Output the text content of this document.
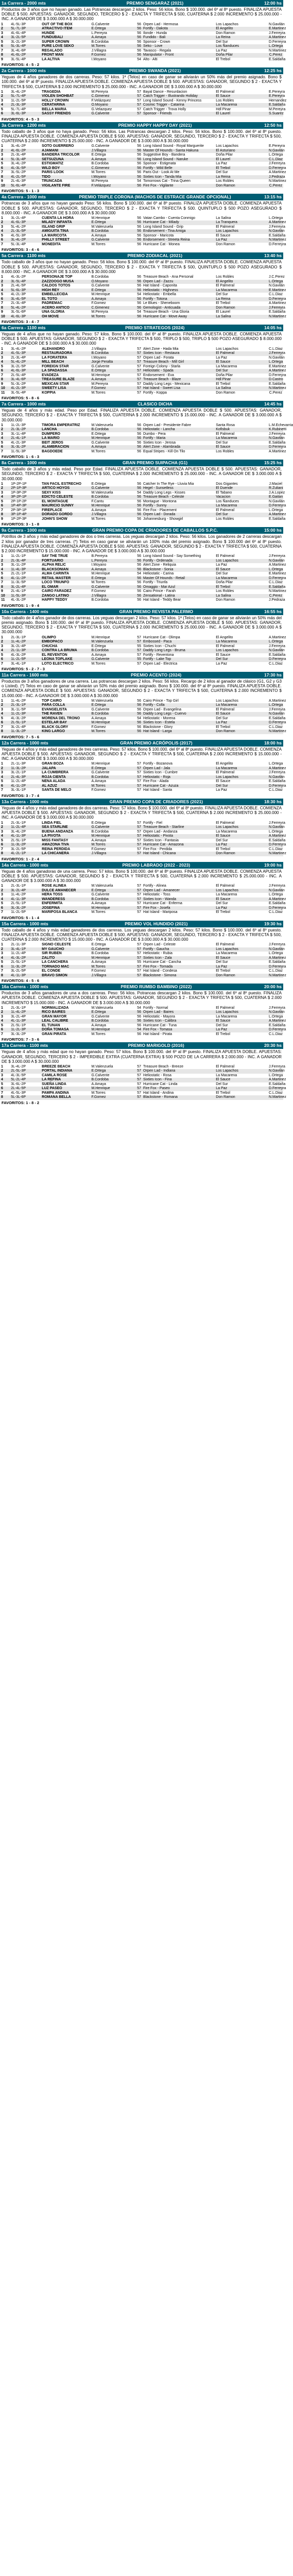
1a Carrera - 2000 mts	PREMIO SENGARAZ (2021)	12:00 hs
Productos de 3 años que no hayan ganado. Las Potrancas descargan 2 kilos. Peso: 56 kilos. Bono $ 100.000. del 6º al 8º puesto. FINALIZA APUESTA DOBLE $ 500. APUESTAS: GANADOR, SEGUNDO, TERCERO $ 2 - EXACTA Y TRIFECTA $ 500, CUATERNA $ 2.000 INCREMENTO $ 25.000.000 - INC. A GANADOR DE $ 3.000.000 A $ 30.000.000
1	4L-5L-3P	OUT OF THE BOX	G.Calvente	56	Orpen Lad - Hermosa	Los Lapachos	N.Gavilán
2	5L-7L-3P	ATRACTIVO ITEM	E.Ortega	56	Fortify - Dakota	El Angelito	E.Martinez
3	4L-6L-4P	HUNDE	L.Pereyra	56	Ilonde - Hunda	Don Ramon	J.Ferreyra
4	3L-2L-5P	FUNDUBALI	A.Amaya	56	Fundido - Bali	La Reina	A.Martinez
5	3L-2L-3P	SUPER CROWN	B.Cordoba	56	Sponsor - Crown	Del Sur	D.Ferreyra
6	5L-3L-4P	PURE LOVE SEKO	M.Torres	56	Seko - Love	Los Ñanduces	L.Ortega
7	3L-4L-6P	REGALADO	J.Villagra	56	Tavasco - Regala	La Paz	N.Martinez
8	4L-6L-2P	FRONT MAN	F.Gomez	56	Manipulator - Front	Doña Pilar	C.Perez
9	3L-5L-4P	LA ALTIVA	I.Moyano	54	Alto - Alti	El Trebol	E.Saldaña
FAVORITOS: 4 - 5 - 2
2a Carrera - 1000 mts	PREMIO SWANDA (2021)	12:25 hs
Yeguas de 4 años ganadores de dos carreras. Peso: 57 kilos. 1ª (Telos) en caso de ganar se aliviarán un 50% más del premio asignado. Bono $ 100.000. del 6º al 8º puesto. FINALIZA APUESTA DOBLE. COMIENZA APUESTA DOBLE $ 500. APUESTAS: GANADOR, SEGUNDO $ 2 - EXACTA Y TRIFECTA $ 500, CUATERNA $ 2.000 INCREMENTO $ 25.000.000 - INC. A GANADOR DE $ 3.000.000 A $ 30.000.000
1	3L-4L-2P	TRAGEDIA	M.Pereyra	57	Bayal Dance - Resurdacion	El Palmeral	E.Pereyra
2	5L-7L-4P	VIOLEN SHOHBAT	C.Gimenez	57	Catch Trigger - Illustrando Holiday	El Sauce	E.Pereyra
3	1L-2L-5P	HOLLY CROWN	F.Velázquez	57	Long Island Sound - Kenny Princess	Los Robles	Hernandez
4	2L-3L-3P	CERATARINA	O.Moyano	57	Cosmic Trigger - Catarina	La Macarena	E.Saldaña
5	5L-7L-4P	BELLA MARIA	G.Velazquez	57	Catch Trigger - Trova Holly	Hdl Pinar	M.Pereyra
6	3L-6L-3P	SASSY FRIENDS	G.Calvente	57	Sponsor - Friends	El Laurel	S.Suarez
FAVORITOS: 4 - 5 - 3
3a Carrera - 1200 mts	PREMIO HAPPY HAPPY DAY (2021)	12:50 hs
Todo caballo de 3 años que no haya ganado. Peso: 56 kilos. Las Potrancas descargan 2 kilos. Peso: 56 kilos. Bono $ 100.000. del 6º al 8º puesto. FINALIZA APUESTA DOBLE. COMIENZA APUESTA DOBLE $ 500. APUESTAS: GANADOR, SEGUNDO, TERCERO $ 2 - EXACTA Y TRIFECTA $ 500, CUATERNA $ 2.000 INCREMENTO $ 25.000.000 - INC. A GANADOR DE $ 3.000.000 A $ 30.000.000
1	3L-4L-2P	SOTO GUERRERO	G.Calvente	56	Long Island Sound - Royal Marguerite	Los Lapachos	E.Pereyra
2	4L-6L-2P	AJAMANI	J.Villagra	56	Master Of Hounds - Santa Hakuna	El Asturiano	N.Gavilán
3	2L-3L-4P	BANDERA TRICOLOR	E.Ortega	56	Suggestive Boy - Bandera	Doña Pilar	L.Ortega
4	5L-3L-4P	SETSUZUNA	A.Amaya	56	Long Island Sound - Naruke	El Laurel	C.L.Diaz
5	3L-4L-2P	ESTIGMATIZ	B.Cordoba	56	Sponsor - Estigmata	La Paz	J.Ferreyra
6	4L-3L-5P	WILD BOY	C.Gimenez	56	Fortify - Wild Belle	El Trebol	D.Ferreyra
7	3L-5L-2P	PARIS LOOK	M.Torres	56	Paris Out - Look At Me	Del Sur	A.Martinez
8	4L-2L-5P	TIDO	I.Moyano	56	Sixties Icon - Tanda Mia	La Reina	J.Pedraza
9	2L-4L-3P	TRUNCADA	M.Pereyra	54	Tomorrows Cat - Trina Queen	Los Robles	N.Martinez
10	5L-6L-4P	VIGILANTE FIRE	F.Velázquez	56	Fire Fox - Vigilante	Don Ramon	C.Perez
FAVORITOS: 5 - 1 - 3
4a Carrera - 1000 mts	PREMIO TRIPLE CORONA (MACHOS DE ESTRACE GRANDE OPCIONAL)	13:15 hs
Potrancas de 3 años que no hayan ganado Peso: 56 kilos. Bono $ 100.000. del 6º al 8º puesto. FINALIZA APUESTA DOBLE. COMIENZA APUESTA DOBLE $ 500. APUESTAS: GANADOR, SEGUNDO, TERCERO $ 2 - EXACTA Y TRIFECTA $ 500. QUINTUPLO $ 500 POZO ASEGURADO $ 8.000.000 - INC. A GANADOR DE $ 3.000.000 A $ 30.000.000
1	3L-2L-4P	CUENTA LA HORA	M.Henrique	56	Vatan Cambo - Cuenta Conmigo	La Salina	L.Ortega
2	4L-6L-3P	MILADY INFANTA	E.Ortega	56	Hurricane Cat - Milady	La Tranquera	A.Martinez
3	5L-4L-2P	ISLAND GRIP	M.Valenzuela	56	Long Island Sound - Grip	El Palmeral	J.Ferreyra
4	2L-3L-5P	AMIGUITA TINA	B.Cordoba	56	Endorsement - Tina Amiga	Los Lapachos	N.Gavilán
5	4L-5L-3P	LA MARICOTA	A.Amaya	56	Sponsor - Maricota	El Sauce	E.Saldaña
6	3L-4L-2P	PHILLY STREET	G.Calvente	56	Endorsement - Streeta Reina	La Paz	N.Martinez
7	5L-3L-4P	MONEDITA	M.Torres	56	Hurricane Cat - Monea	Don Ramon	D.Ferreyra
FAVORITOS: 3 - 4 - 6
5a Carrera - 1100 mts	PREMIO ZODIACAL (2021)	13:40 hs
Todo caballo de 3 años que no hayan ganado. Peso: 56 kilos. Bono $ 100.000. del 6º al 8º puesto. FINALIZA APUESTA DOBLE. COMIENZA APUESTA DOBLE $ 500. APUESTAS: GANADOR, SEGUNDO, TERCERO $ 2 - EXACTA Y TRIFECTA $ 500, QUINTUPLO $ 500 POZO ASEGURADO $ 8.000.000 - INC. A GANADOR DE $ 3.000.000 A $ 30.000.000
1	4L-3L-2P	PERSONAJE TOP	B.Cordoba	56	Treasure Beach - Ana Personal	Los Robles	J.C.Perez
2	3L-5L-4P	ZAZZOOGO MUSA	O.Moyano	56	Orpen Lad - Zazzu	El Angelito	L.Ortega
3	2L-4L-5P	CALDOS TOTOS	G.Calvente	56	Hat Island - Caponita	El Palmeral	N.Gavilán
4	5L-6L-3P	HIGH REY	E.Ortega	56	Heliostatic - Highness	La Macarena	E.Martinez
5	4L-2L-3P	EMBELLECIDA	M.Henrique	54	Heliostatic - Embella	Del Sur	C.L.Diaz
6	3L-4L-5P	EL TOTO	A.Amaya	56	Fortify - Totona	La Reina	D.Ferreyra
7	2L-3L-4P	PADREMAC	F.Gomez	56	Le Blues - Sheneboom	El Trebol	A.Martinez
8	5L-4L-2P	ACERO ANTICO	C.Gimenez	56	Gemologist - Anticuada	Don Ramon	J.Ferreyra
9	3L-5L-6P	UNA GLORIA	M.Pereyra	54	Treasure Beach - Una Gloria	El Laurel	E.Saldaña
10	4L-6L-3P	OH MOVE	M.Torres	56	Hurricane Cat - Move Away	La Salina	N.Martinez
FAVORITOS: 3 - 4 - 7
6a Carrera - 1100 mts	PREMIO STRATEGOS (2024)	14:05 hs
Yeguas de 4 años que no hayan ganado. Peso: 57 kilos. Bono $ 100.000. del 6º al 8º puesto. FINALIZA APUESTA DOBLE. COMIENZA APUESTA DOBLE $ 500. APUESTAS: GANADOR, SEGUNDO $ 2 - EXACTA Y TRIFECTA $ 500, TRIPLO $ 500, TRIPLO $ 500 POZO ASEGURADO $ 8.000.000 - INC. A GANADOR DE $ 3.000.000 A $ 30.000.000
1	3L-4L-2P	ALEHANDRO	J.Villagra	57	Alert Zone - Hada Mia	Los Lapachos	C.L.Diaz
2	4L-5L-3P	RESTAURADORA	B.Cordoba	57	Sixties Icon - Restaura	El Palmeral	J.Ferreyra
3	2L-3L-4P	LA FORATERA	I.Moyano	57	Orpen Lad - Forata	La Paz	N.Gavilán
4	5L-4L-2P	MILL BEACH	Jorge Peralta	57	Treasure Beach - Mill Girl	El Sauce	L.Ortega
5	3L-2L-5P	FOREIGN STAR	G.Calvente	57	Foreign Colony - Starla	La Macarena	E.Martinez
6	4L-6L-3P	LA SPADASSA	E.Ortega	57	Heliostatic - Spada	Del Sur	A.Martinez
7	2L-5L-4P	EVADEZA	M.Henrique	57	Endorsement - Eva	Doña Pilar	D.Ferreyra
8	3L-4L-6P	TREASURE BLAZE	A.Amaya	57	Treasure Beach - Blaze	Hdl Pinar	D.Castro
9	5L-3L-2P	MEXICAN STAR	M.Pereyra	57	Daddy Long Legs - Mexicana	El Trebol	E.Saldaña
10	4L-2L-3P	SWEETY LISA	F.Gomez	57	Hat Island - Sweet Lisa	La Salina	N.Martinez
11	3L-5L-4P	KOPPIA	M.Torres	57	Fortify - Koppa	Don Ramon	C.Perez
FAVORITOS: 5 - 8 - 6
7a Carrera - 1000 mts	CLASICO DICHA	14:45 hs
Yeguas de 4 años y más edad. Peso por Edad. FINALIZA APUESTA DOBLE. COMIENZA APUESTA DOBLE $ 500. APUESTAS: GANADOR, SEGUNDO, TERCERO $ 2 - EXACTA Y TRIFECTA $ 500, CUATERNA $ 2.000 INCREMENTO $ 15.000.000 - INC. A GANADOR DE $ 3.000.000 A $ 30.000.000
1	1L-2L-3P	TIMORA EMPERATRIZ	M.Valenzuela	56	Orpen Lad - Presidente Fabre	Santa Rosa	L.M.Echevarria
2	2L-3L-2P	LANCHA	B.Cordoba	56	Heliostatic - Lancha	Kofisbuk	K.Rubinetti
3	3L-1L-4P	DUMPERO	E.Ortega	56	Dumbo - Pera	El Palmeral	J.Ferreyra
4	2L-4L-1P	LA MARIO	M.Henrique	56	Fortify - Maria	La Macarena	N.Gavilán
5	4L-2L-3P	BEIT JEROS	G.Calvente	56	Sixties Icon - Jerosa	Del Sur	E.Saldaña
6	3L-3L-2P	ALAMBRACION	A.Amaya	56	Alert Zone - Alambrada	El Sauce	D.Ferreyra
7	1L-5L-3P	BAGDOEDE	M.Torres	56	Equal Stripes - Kill On Tilo	Los Robles	A.Martinez
FAVORITOS: 1 - 6 - 3
8a Carrera - 1000 mts	GRAN PREMIO SUIPACHA (G1)	15:25 hs
Todo caballo de 3 años y más edad. Peso por Edad. FINALIZA APUESTA DOBLE. COMIENZA APUESTA DOBLE $ 500. APUESTAS: GANADOR, SEGUNDO, TERCERO $ 2 - EXACTA Y TRIFECTA $ 500, CUATERNA $ 2.000 INCREMENTO $ 25.000.000 - INC. A GANADOR DE $ 3.000.000 A $ 30.000.000
1	1P-2P-1P	TAN FACIL ESTRECHO	E.Ortega	56	Catcher In The Rye - Lluvia Mia	Dos Gigantes	J.Maciel
2	2P-1P-3P	ARTICO HOYOS	G.Calvente	56	Hegel - Sunsetless	El Duende	R.Zuliani
3	1P-3P-2P	SEXY KISS	M.Valenzuela	54	Daddy Long Legs - Kisses	El Tabano	J.A.Lopez
4	3P-2P-1P	EDICTO CELESTE	B.Cordoba	56	Treasure Beach - Celeste	Vacacion	E.Gaitan
5	2P-1P-2P	EL MONTAGUE	F.Cantu	56	Montague - Montona	Los Ñanduces	N.Gavilán
6	1P-4P-3P	MAURICIO SUNNY	M.Henrique	56	Fortify - Sunny	La Macarena	D.Ferreyra
7	2P-3P-1P	FIREPLACE	A.Amaya	56	Fire Fox - Placement	El Palmeral	L.Ortega
8	3P-1P-4P	DORADO GORDO	J.Villagra	56	Orpen Lad - Dorada	Del Sur	A.Martinez
9	1P-2P-3P	JOHN'S SHOW	M.Torres	56	Johannesburg - Showgirl	Los Robles	E.Saldaña
FAVORITOS: 3 - 1 - 8
9a Carrera - 1000 mts	GRAN PREMIO COPA DE CRIADORES DE CABALLOS S.P.C.	15:00 hs
Potrillos de 3 años y más edad ganadores de dos o tres carreras. Los yeguas descargan 2 kilos. Peso: 56 kilos. Los ganadores de 2 carreras descargan 2 kilos por ganador de tres carreras. (*) Telos en caso ganar se aliviarán un 100% más del premio asignado. Bono $ 100.000 del 6º al 8º puesto. FINALIZA APUESTA DOBLE. COMIENZA APUESTA DOBLE $ 500. APUESTAS: GANADOR, SEGUNDO $ 2 - EXACTA Y TRIFECTA $ 500, CUATERNA $ 2.000 INCREMENTO $ 15.000.000 - INC. A GANADOR DE $ 3.000.000 A $ 30.000.000
1	1L-2L-1P	SAY THE TRUE	B.Pereyra	56	Long Island Sound - Say Something	El Palmeral	J.Ferreyra
2	2L-3L-4P	FORTUARIO	L.Pereyra	56	Fortify - Ordenada	Los Lapachos	N.Gavilán
3	3L-1L-2P	ALPHA RELIC	I.Moyano	56	Alert Zone - Reliquia	La Paz	A.Martinez
4	1L-4L-3P	BLACKSONIAN	A.Amaya	56	Blackstone - Sonia	El Sauce	L.Ortega
5	2L-2L-1P	ALMA CARINTA	M.Henrique	54	Heliostatic - Carina	Del Sur	E.Martinez
6	4L-1L-2P	RETAIL MASTER	E.Ortega	56	Master Of Hounds - Retail	La Macarena	D.Ferreyra
7	1L-3L-5P	LOCO TRIUNFO	M.Torres	56	Fortify - Triunfa	Doña Pilar	C.L.Diaz
8	3L-2L-4P	EL OMAR	G.Calvente	56	Omaggio - Mar Azul	El Trebol	E.Saldaña
9	2L-4L-1P	CAIRO FARADEZ	F.Gomez	56	Cairo Prince - Farah	Los Robles	N.Martinez
10	1L-5L-3P	ZANGO LATINO	J.Villagra	56	Zensational - Latina	La Salina	C.Perez
11	4L-3L-2P	HAPPY TEDDY	B.Cordoba	56	Hat Island - Teddy Bear	Don Ramon	J.Pedraza
FAVORITOS: 1 - 9 - 4
10a Carrera - 1400 mts	GRAN PREMIO REVISTA PALERMO	16:55 hs
Todo caballo de 4 años ganador de dos carreras. Los yeguas descargan 2 kilos. Peso: 57 kilos. 1ª (Telos) en caso de ganar se aliviarán un 50% más del premio asignado. Bono $ 100.000. del 6º al 8º puesto. FINALIZA APUESTA DOBLE. COMIENZA APUESTA DOBLE $ 500. APUESTAS: GANADOR, SEGUNDO, TERCERO $ 2 - EXACTA Y TRIFECTA $ 500, CUATERNA $ 2.000 INCREMENTO $ 25.000.000 - INC. A GANADOR DE $ 3.000.000 A $ 30.000.000
1	2L-3L-1P	OLIMPO	M.Henrique	57	Hurricane Cat - Olimpa	El Angelito	A.Martinez
2	1L-4L-2P	EMBOPACO	M.Valenzuela	57	Embossed - Paca	La Macarena	L.Ortega
3	3L-2L-4P	CHUCHA	E.Ortega	55	Sixties Icon - Chuchi	El Palmeral	J.Ferreyra
4	2L-1L-3P	CONTRA LA BRUMA	B.Cordoba	57	Daddy Long Legs - Bruma	Los Lapachos	N.Gavilán
5	4L-3L-2P	EL REVENTON	A.Amaya	57	Fortify - Reventona	El Sauce	E.Saldaña
6	1L-2L-5P	LEONA TOPLAKE	G.Calvente	55	Fortify - Lake Top	Del Sur	D.Ferreyra
7	3L-4L-1P	LOTO ELECTRICO	M.Torres	57	Orpen Lad - Electrica	La Paz	C.L.Diaz
FAVORITOS: 5 - 2 - 7 - 3
11a Carrera - 1600 mts	PREMIO ACENTO (2024)	17:30 hs
Productos de 3 años ganadores de una carrera. Las potrancas descargan 2 kilos. Peso: 56 kilos. Recargo de 2 kilos al ganador de clásico (G1, G2 y G3 o Listed). (*) Telos en caso de ganar se aliviarán un 50% más del premio asignado. Bono $ 100.000. del 6º al 8º puesto. FINALIZA APUESTA DOBLE. COMIENZA APUESTA DOBLE $ 500. APUESTAS: GANADOR, SEGUNDO $ 2 - EXACTA Y TRIFECTA $ 500, CUATERNA $ 2.000 INCREMENTO $ 15.000.000 - INC. A GANADOR DE $ 3.000.000 A $ 30.000.000
1	1L-4L-2P	TOP CAIRO	M.Valenzuela	56	Cairo Prince - Top Girl	Los Lapachos	A.Martinez
2	2L-3L-1P	PARA COLLA	E.Ortega	56	Fortify - Colla	La Macarena	L.Ortega
3	3L-1L-5P	EVANGELISTA	G.Calvente	56	Orpen Lad - Evangelina	El Palmeral	J.Ferreyra
4	1L-2L-3P	THE RAVEN	B.Cordoba	56	Daddy Long Legs - Cuervo	El Sauce	N.Gavilán
5	4L-3L-2P	MORENA DEL TRONO	A.Amaya	54	Heliostatic - Morena	Del Sur	E.Saldaña
6	2L-5L-1P	ESTELAR BAY	M.Henrique	56	Sixties Icon - Estela	La Paz	D.Ferreyra
7	3L-2L-4P	BLACK GLORY	F.Gomez	56	Blackstone - Glory	El Trebol	C.L.Diaz
8	1L-3L-2P	KING LARGO	M.Torres	56	Hat Island - Larga	Don Ramon	N.Martinez
FAVORITOS: 7 - 5 - 6
12a Carrera - 1000 mts	GRAN PREMIO ACRÓPOLIS (2017)	18:00 hs
Yeguas de 4 años y más edad ganadores de tres carreras. Peso: 57 kilos. Bono $ 100.000. del 6º al 8º puesto. FINALIZA APUESTA DOBLE. COMIENZA APUESTA DOBLE $ 500. APUESTAS: GANADOR, SEGUNDO $ 2 - EXACTA Y TRIFECTA $ 500, CUATERNA $ 2.000 INCREMENTO $ 15.000.000 - INC. A GANADOR DE $ 3.000.000 A $ 30.000.000
1	2L-1L-3P	GRAN BOZA	M.Henrique	57	Fortify - Bozanova	El Angelito	L.Ortega
2	1L-3L-2P	JALAPA	E.Ortega	57	Orpen Lad - Jala	La Macarena	A.Martinez
3	3L-2L-1P	LA CUMBRERA	G.Calvente	57	Sixties Icon - Cumbre	El Palmeral	J.Ferreyra
4	2L-4L-3P	ROJA CIENTA	B.Cordoba	57	Heliostatic - Roja	Los Lapachos	N.Gavilán
5	1L-2L-4P	NENA ALADA	A.Amaya	57	Fire Fox - Alada	El Sauce	E.Saldaña
6	4L-1L-2P	AL AZUZ	M.Torres	57	Hurricane Cat - Azuza	Del Sur	D.Ferreyra
7	3L-3L-1P	SANTA DE MELO	F.Gomez	57	Hat Island - Santa	La Paz	C.L.Diaz
FAVORITOS: 3 - 7 - 4
13a Carrera - 1000 mts	GRAN PREMIO COPA DE CRIADORES (2021)	18:30 hs
Yeguas de 4 años y más edad ganadores de dos carreras. Peso: 57 kilos. Bono $ 100.000. del 6º al 8º puesto. FINALIZA APUESTA DOBLE. COMIENZA APUESTA DOBLE $ 500. APUESTAS: GANADOR, SEGUNDO $ 2 - EXACTA Y TRIFECTA $ 500, CUATERNA $ 2.000 INCREMENTO $ 25.000.000 - INC. A GANADOR DE $ 3.000.000 A $ 30.000.000
1	2L-3L-1P	LINDA FIEL	E.Ortega	57	Fortify - Fiel	El Palmeral	J.Ferreyra
2	1L-2L-4P	SEA STARLINE	G.Calvente	57	Treasure Beach - Starline	Los Lapachos	N.Gavilán
3	3L-4L-2P	BUENA ANDANZA	B.Cordoba	57	Orpen Lad - Andanza	La Macarena	L.Ortega
4	4L-1L-3P	LA PIVOTA	M.Henrique	57	Heliostatic - Pivota	El Sauce	A.Martinez
5	2L-5L-1P	MISS FANTASY	A.Amaya	57	Sixties Icon - Fantasia	Del Sur	E.Saldaña
6	1L-3L-2P	AMAZONA TIVA	M.Torres	57	Hurricane Cat - Amazona	La Paz	D.Ferreyra
7	3L-2L-5P	REINA PERDIDA	F.Gomez	57	Fire Fox - Perdida	El Trebol	C.L.Diaz
8	4L-2L-1P	LA CHICANERA	J.Villagra	57	Hat Island - Chicana	Don Ramon	N.Martinez
FAVORITOS: 1 - 2 - 4
14a Carrera - 1000 mts	PREMIO LABRADO (2022 - 2023)	19:00 hs
Yeguas de 4 años ganadoras de una carrera. Peso: 57 kilos. Bono $ 100.000. del 6º al 8º puesto. FINALIZA APUESTA DOBLE. COMIENZA APUESTA DOBLE $ 500. APUESTAS: GANADOR, SEGUNDO $ 2 - EXACTA Y TRIFECTA $ 500, CUATERNA $ 2.000 INCREMENTO $ 25.000.000 - INC. A GANADOR DE $ 3.000.000 A $ 30.000.000
1	2L-3L-1P	ROSE ALINEA	M.Valenzuela	57	Fortify - Alinea	El Palmeral	J.Ferreyra
2	3L-2L-4P	DULCE AMANECER	E.Ortega	57	Orpen Lad - Amanecer	Los Lapachos	N.Gavilán
3	1L-4L-2P	HERA TOSS	G.Calvente	57	Heliostatic - Toss	La Macarena	L.Ortega
4	4L-1L-3P	WANDERESS	B.Cordoba	57	Sixties Icon - Wanda	El Sauce	A.Martinez
5	2L-5L-1P	ENFERMITA	A.Amaya	57	Hurricane Cat - Enferma	Del Sur	E.Saldaña
6	3L-3L-2P	JOSEFINA	M.Henrique	57	Fire Fox - Josefa	La Paz	D.Ferreyra
7	1L-2L-5P	MARIPOSA BLANCA	M.Torres	57	Hat Island - Mariposa	El Trebol	C.L.Diaz
FAVORITOS: 5 - 1 - 4
15a Carrera - 1000 mts	PREMIO VOL HUNDIDO (2021)	19:30 hs
Todo caballo de 4 años y más edad ganadores de dos carreras. Los yeguas descargan 2 kilos. Peso: 57 kilos. Bono $ 100.000. del 6º al 8º puesto. FINALIZA APUESTA DOBLE. COMIENZA APUESTA DOBLE $ 500. APUESTAS: GANADOR, SEGUNDO, TERCERO $ 2 - EXACTA Y TRIFECTA $ 500, CUATERNA $ 2.000 INCREMENTO $ 15.000.000 - INC. A GANADOR DE $ 3.000.000 A $ 30.000.000
1	2L-1L-3P	SIGNO CELESTE	E.Ortega	57	Orpen Lad - Celeste	El Palmeral	J.Ferreyra
2	3L-4L-1P	MY GAUCHO	G.Calvente	57	Fortify - Gaucha	Los Lapachos	N.Gavilán
3	1L-2L-4P	SIR RUBEN	B.Cordoba	57	Heliostatic - Rubia	La Macarena	L.Ortega
4	4L-3L-2P	ZALITO	M.Henrique	57	Sixties Icon - Zala	El Sauce	A.Martinez
5	2L-5L-1P	LA CANCHERA	A.Amaya	55	Hurricane Cat - Cancha	Del Sur	E.Saldaña
6	1L-3L-2P	TORNADO MAC	M.Torres	57	Fire Fox - Tornada	La Paz	D.Ferreyra
7	3L-2L-5P	EL CONDE	F.Gomez	57	Hat Island - Condesa	El Trebol	C.L.Diaz
8	4L-1L-3P	BRAVO SIMON	J.Villagra	57	Blackstone - Simona	Don Ramon	N.Martinez
FAVORITOS: 4 - 5 - 6
16a Carrera - 1000 mts	PREMIO RUMBO BAMBINO (2022)	20:00 hs
Productos de 3 años ganadores de una a dos carreras. Peso: 56 kilos. Potrancas descargan 2 kilos. Bono $ 100.000. del 6º al 8º puesto. FINALIZA APUESTA DOBLE. COMIENZA APUESTA DOBLE $ 500. APUESTAS: GANADOR, SEGUNDO $ 2 - EXACTA Y TRIFECTA $ 500, CUATERNA $ 2.000 INCREMENTO $ 15.000.000 - INC. A GANADOR DE $ 3.000.000 A $ 30.000.000
1	2L-3L-1P	NORMALIZADA	M.Valenzuela	54	Fortify - Normal	El Palmeral	J.Ferreyra
2	1L-4L-2P	RICO BAIRES	E.Ortega	56	Orpen Lad - Baires	Los Lapachos	N.Gavilán
3	3L-2L-4P	GRAN MAYOR	G.Calvente	56	Heliostatic - Mayora	La Macarena	L.Ortega
4	4L-1L-3P	LEAL CALIBRE	B.Cordoba	56	Sixties Icon - Calibra	El Sauce	A.Martinez
5	2L-5L-1P	EL TUNAN	A.Amaya	56	Hurricane Cat - Tuna	Del Sur	E.Saldaña
6	1L-2L-3P	DOÑA TOMASA	M.Henrique	54	Fire Fox - Tomasa	La Paz	D.Ferreyra
7	3L-3L-2P	GRAN PIRATA	M.Torres	56	Hat Island - Pirata	El Trebol	C.L.Diaz
FAVORITOS: 7 - 3 - 6
17a Carrera - 1100 mts	PREMIO MARIGOLD (2016)	20:30 hs
Yeguas de 4 años y más edad que no hayan ganado. Peso: 57 kilos. Bono $ 100.000. del 6º al 8º puesto. FINALIZA APUESTA DOBLE. APUESTAS: GANADOR, SEGUNDO, TERCERO $ 2 - IMPERDIBLE EXTRA (CUATERNA EXTRA) $ 500 POZO DE LA CARRERA $ 2.000.000 - INC. A GANADOR DE $ 3.000.000 A $ 30.000.000
1	3L-4L-2P	BREEZE BEACH	M.Valenzuela	57	Treasure Beach - Breeze	El Palmeral	J.Ferreyra
2	2L-5L-3P	PORTAL INDIANA	E.Ortega	57	Orpen Lad - Indiana	Los Lapachos	N.Gavilán
3	4L-3L-5P	CAMILA ROSE	G.Calvente	57	Heliostatic - Rosa	La Macarena	L.Ortega
4	5L-2L-4P	LA REFINA	B.Cordoba	57	Sixties Icon - Fina	El Sauce	A.Martinez
5	3L-6L-2P	SUEÑA LINDA	A.Amaya	57	Hurricane Cat - Linda	Del Sur	E.Saldaña
6	2L-4L-5P	LUZ PASEO	M.Henrique	57	Fire Fox - Paseo	La Paz	D.Ferreyra
7	4L-5L-3P	PAMPA ANDINA	M.Torres	57	Hat Island - Andina	El Trebol	C.L.Diaz
8	5L-3L-6P	ROMANA BELLA	F.Gomez	57	Blackstone - Romana	Don Ramon	N.Martinez
FAVORITOS: 1 - 8 - 2
